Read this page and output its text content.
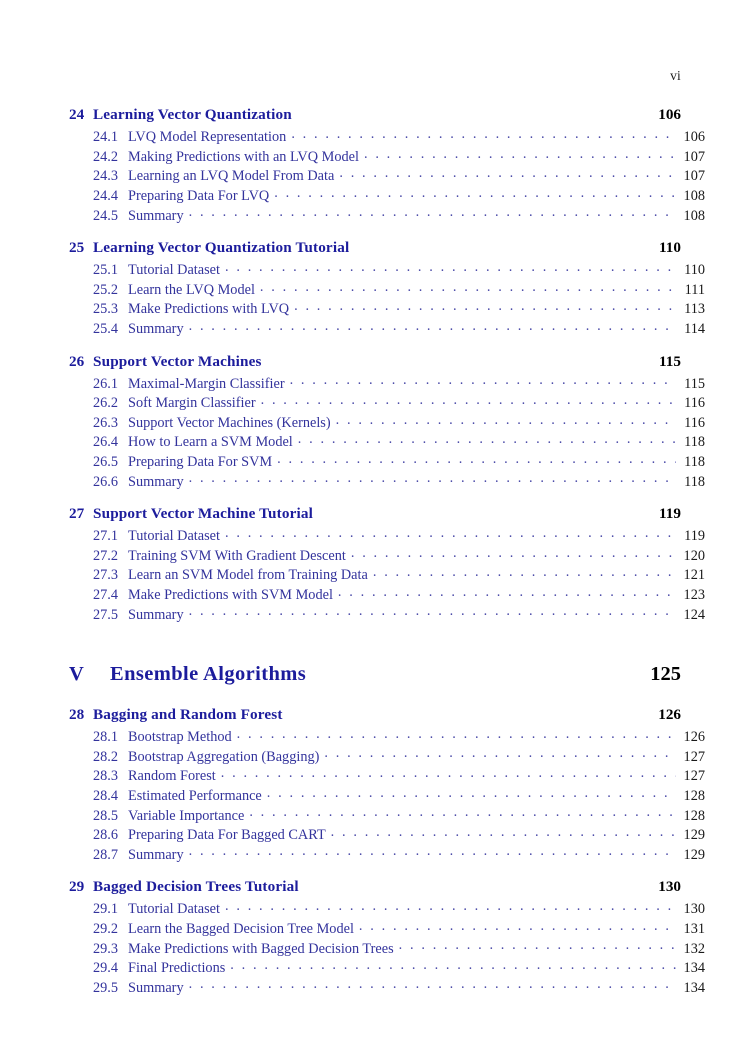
vi
24 Learning Vector Quantization	106
24.1 LVQ Model Representation . . .	106
24.2 Making Predictions with an LVQ Model . . .	107
24.3 Learning an LVQ Model From Data . . .	107
24.4 Preparing Data For LVQ . . .	108
24.5 Summary . . .	108
25 Learning Vector Quantization Tutorial	110
25.1 Tutorial Dataset . . .	110
25.2 Learn the LVQ Model . . .	111
25.3 Make Predictions with LVQ . . .	113
25.4 Summary . . .	114
26 Support Vector Machines	115
26.1 Maximal-Margin Classifier . . .	115
26.2 Soft Margin Classifier . . .	116
26.3 Support Vector Machines (Kernels) . . .	116
26.4 How to Learn a SVM Model . . .	118
26.5 Preparing Data For SVM . . .	118
26.6 Summary . . .	118
27 Support Vector Machine Tutorial	119
27.1 Tutorial Dataset . . .	119
27.2 Training SVM With Gradient Descent . . .	120
27.3 Learn an SVM Model from Training Data . . .	121
27.4 Make Predictions with SVM Model . . .	123
27.5 Summary . . .	124
V	Ensemble Algorithms	125
28 Bagging and Random Forest	126
28.1 Bootstrap Method . . .	126
28.2 Bootstrap Aggregation (Bagging) . . .	127
28.3 Random Forest . . .	127
28.4 Estimated Performance . . .	128
28.5 Variable Importance . . .	128
28.6 Preparing Data For Bagged CART . . .	129
28.7 Summary . . .	129
29 Bagged Decision Trees Tutorial	130
29.1 Tutorial Dataset . . .	130
29.2 Learn the Bagged Decision Tree Model . . .	131
29.3 Make Predictions with Bagged Decision Trees . . .	132
29.4 Final Predictions . . .	134
29.5 Summary . . .	134
